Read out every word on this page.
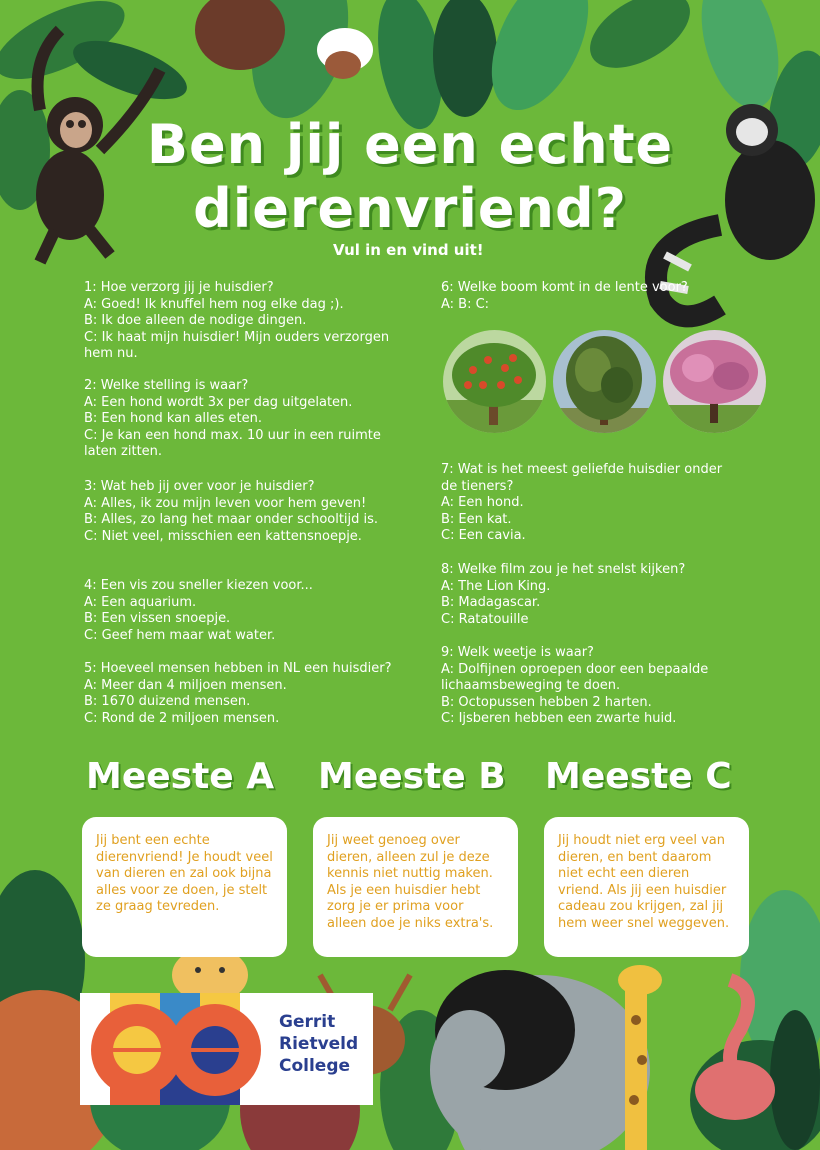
Ben jij een echte
dierenvriend?
Vul in en vind uit!
1: Hoe verzorg jij je huisdier?
A: Goed! Ik knuffel hem nog elke dag ;).
B: Ik doe alleen de nodige dingen.
C: Ik haat mijn huisdier! Mijn ouders verzorgen
hem nu.
2: Welke stelling is waar?
A: Een hond wordt 3x per dag uitgelaten.
B: Een hond kan alles eten.
C: Je kan een hond max. 10 uur in een ruimte
laten zitten.
3: Wat heb jij over voor je huisdier?
A: Alles, ik zou mijn leven voor hem geven!
B: Alles, zo lang het maar onder schooltijd is.
C: Niet veel, misschien een kattensnoepje.
4: Een vis zou sneller kiezen voor...
A: Een aquarium.
B: Een vissen snoepje.
C: Geef hem maar wat water.
5: Hoeveel mensen hebben in NL een huisdier?
A: Meer dan 4 miljoen mensen.
B: 1670 duizend mensen.
C: Rond de 2 miljoen mensen.
6: Welke boom komt in de lente voor?
A: B: C:
7: Wat is het meest geliefde huisdier onder
de tieners?
A: Een hond.
B: Een kat.
C: Een cavia.
8: Welke film zou je het snelst kijken?
A: The Lion King.
B: Madagascar.
C: Ratatouille
9: Welk weetje is waar?
A: Dolfijnen oproepen door een bepaalde
lichaamsbeweging te doen.
B: Octopussen hebben 2 harten.
C: Ijsberen hebben een zwarte huid.
Meeste A Meeste B Meeste C
Jij bent een echte dierenvriend! Je houdt veel van dieren en zal ook bijna alles voor ze doen, je stelt ze graag tevreden.
Jij weet genoeg over dieren, alleen zul je deze kennis niet nuttig maken. Als je een huisdier hebt zorg je er prima voor alleen doe je niks extra's.
Jij houdt niet erg veel van dieren, en bent daarom niet echt een dieren vriend. Als jij een huisdier cadeau zou krijgen, zal jij hem weer snel weggeven.
Gerrit
Rietveld
College
